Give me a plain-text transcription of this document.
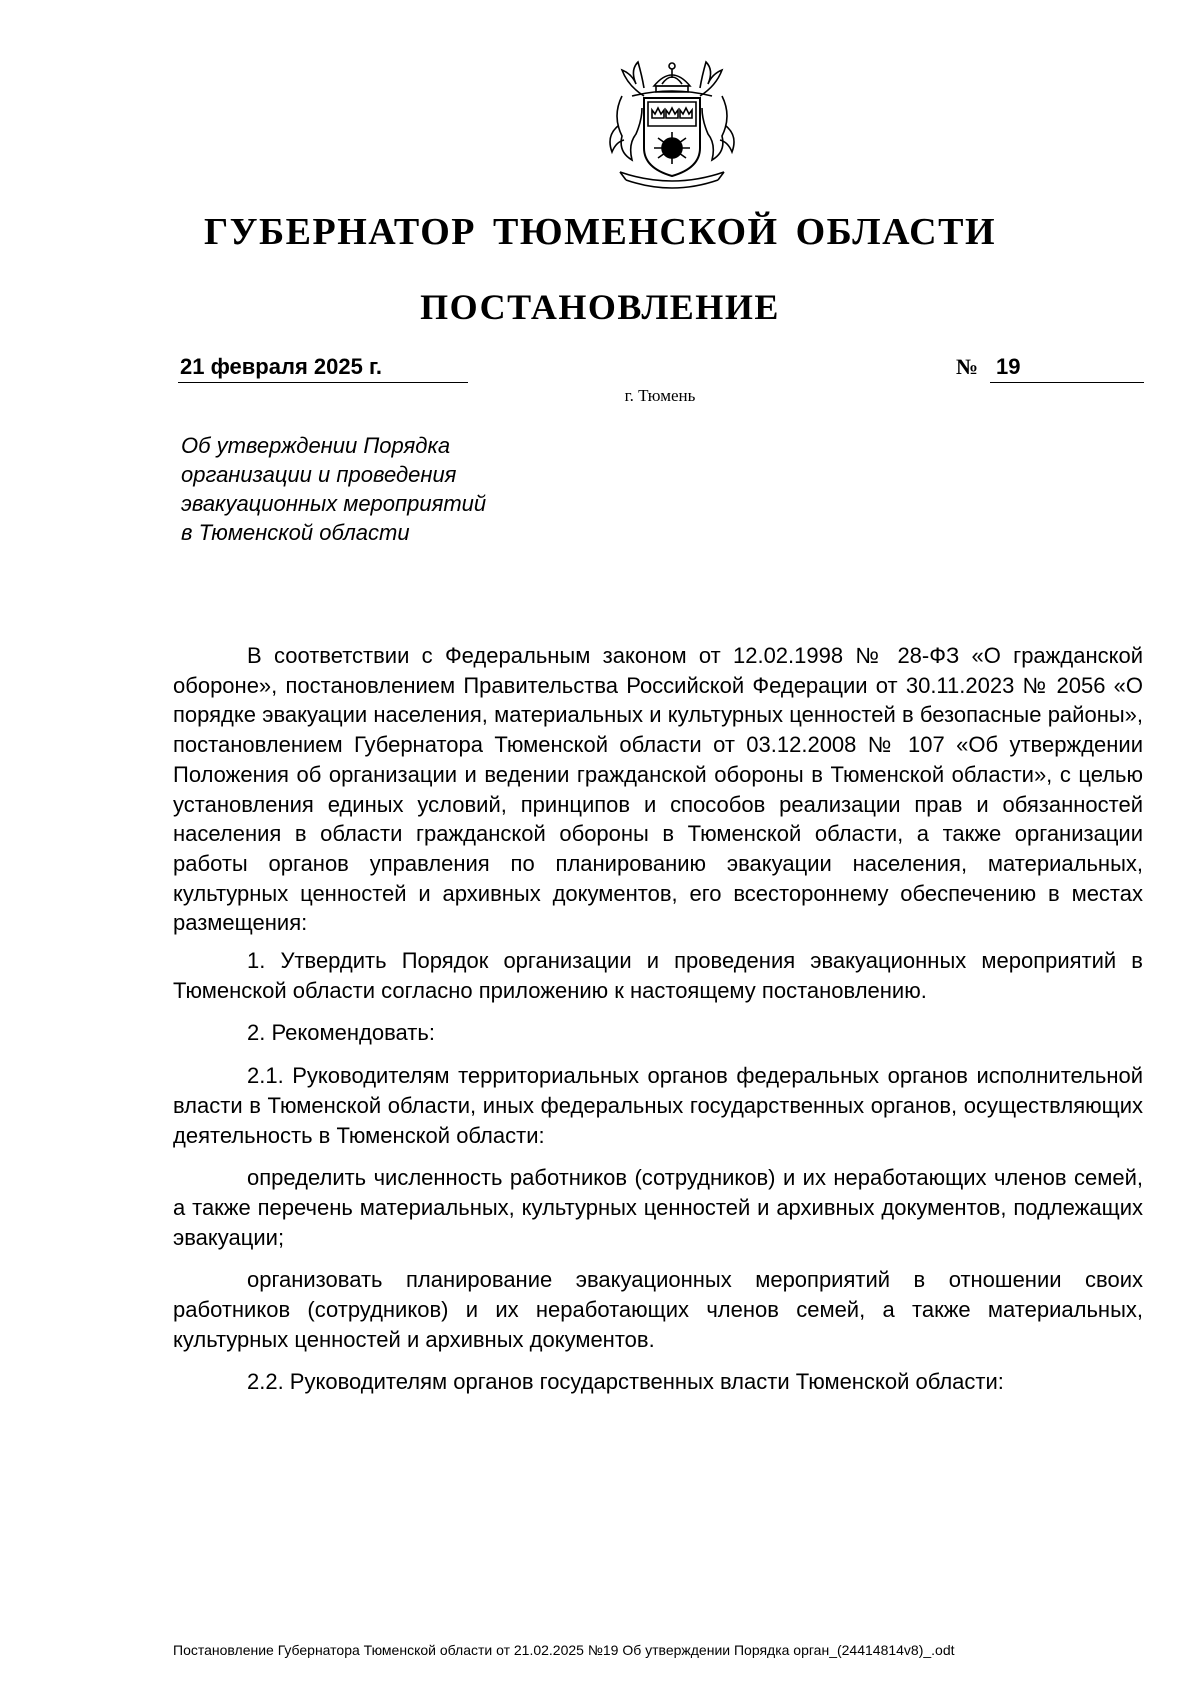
ГУБЕРНАТОР ТЮМЕНСКОЙ ОБЛАСТИ
ПОСТАНОВЛЕНИЕ
21 февраля 2025 г.	№ 19
г. Тюмень
Об утверждении Порядка
организации и проведения
эвакуационных мероприятий
в Тюменской области

В соответствии с Федеральным законом от 12.02.1998 № 28-ФЗ «О гражданской обороне», постановлением Правительства Российской Федерации от 30.11.2023 № 2056 «О порядке эвакуации населения, материальных и культурных ценностей в безопасные районы», постановлением Губернатора Тюменской области от 03.12.2008 № 107 «Об утверждении Положения об организации и ведении гражданской обороны в Тюменской области», с целью установления единых условий, принципов и способов реализации прав и обязанностей населения в области гражданской обороны в Тюменской области, а также организации работы органов управления по планированию эвакуации населения, материальных, культурных ценностей и архивных документов, его всестороннему обеспечению в местах размещения:

1. Утвердить Порядок организации и проведения эвакуационных мероприятий в Тюменской области согласно приложению к настоящему постановлению.

2. Рекомендовать:

2.1. Руководителям территориальных органов федеральных органов исполнительной власти в Тюменской области, иных федеральных государственных органов, осуществляющих деятельность в Тюменской области:

определить численность работников (сотрудников) и их неработающих членов семей, а также перечень материальных, культурных ценностей и архивных документов, подлежащих эвакуации;

организовать планирование эвакуационных мероприятий в отношении своих работников (сотрудников) и их неработающих членов семей, а также материальных, культурных ценностей и архивных документов.

2.2. Руководителям органов государственных власти Тюменской области:

Постановление Губернатора Тюменской области от 21.02.2025 №19 Об утверждении Порядка орган_(24414814v8)_.odt
